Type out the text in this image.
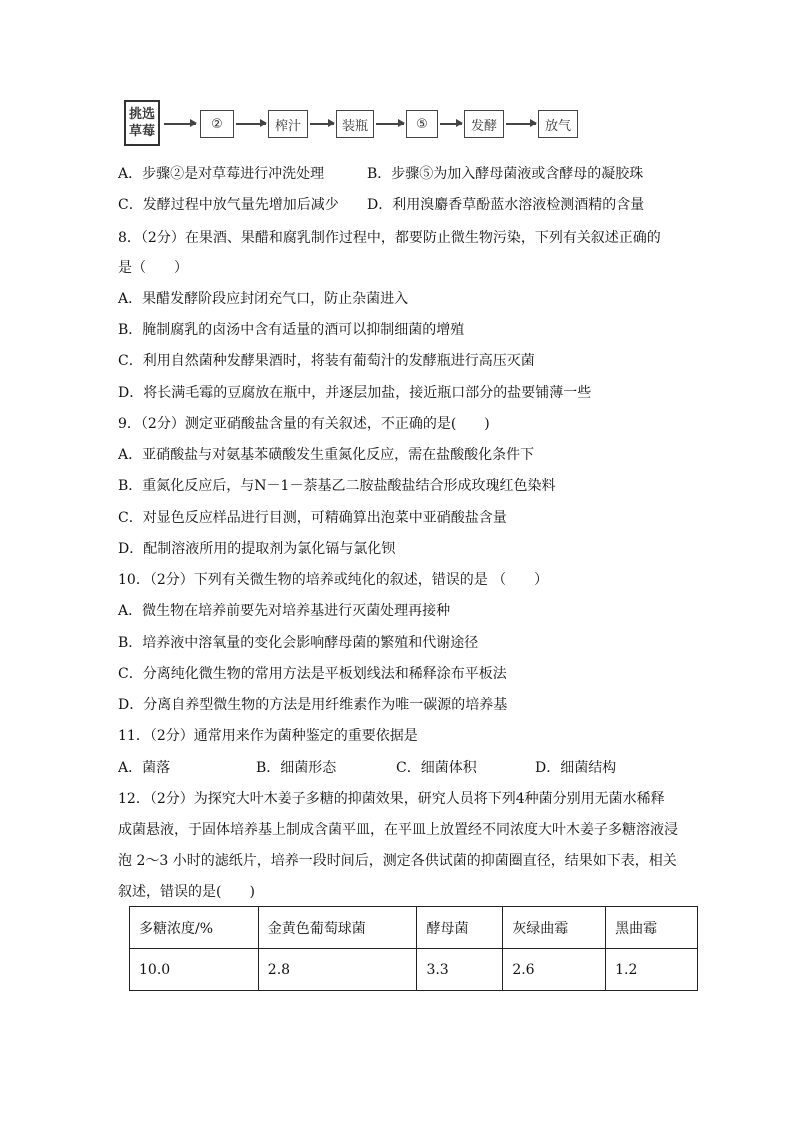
挑选
草莓	②	榨汁	装瓶	⑤	发酵	放气
A．步骤②是对草莓进行冲洗处理	B．步骤⑤为加入酵母菌液或含酵母的凝胶珠
C．发酵过程中放气量先增加后减少 D．利用溴麝香草酚蓝水溶液检测酒精的含量
8．（2分）在果酒、果醋和腐乳制作过程中，都要防止微生物污染，下列有关叙述正确的
是（　　）
A．果醋发酵阶段应封闭充气口，防止杂菌进入
B．腌制腐乳的卤汤中含有适量的酒可以抑制细菌的增殖
C．利用自然菌种发酵果酒时，将装有葡萄汁的发酵瓶进行高压灭菌
D．将长满毛霉的豆腐放在瓶中，并逐层加盐，接近瓶口部分的盐要铺薄一些
9．（2分）测定亚硝酸盐含量的有关叙述，不正确的是(　　)
A．亚硝酸盐与对氨基苯磺酸发生重氮化反应，需在盐酸酸化条件下
B．重氮化反应后，与N－1－萘基乙二胺盐酸盐结合形成玫瑰红色染料
C．对显色反应样品进行目测，可精确算出泡菜中亚硝酸盐含量
D．配制溶液所用的提取剂为氯化镉与氯化钡
10．（2分）下列有关微生物的培养或纯化的叙述，错误的是 （　　）
A．微生物在培养前要先对培养基进行灭菌处理再接种
B．培养液中溶氧量的变化会影响酵母菌的繁殖和代谢途径
C．分离纯化微生物的常用方法是平板划线法和稀释涂布平板法
D．分离自养型微生物的方法是用纤维素作为唯一碳源的培养基
11．（2分）通常用来作为菌种鉴定的重要依据是
A．菌落	B．细菌形态	C．细菌体积	D．细菌结构
12．（2分）为探究大叶木姜子多糖的抑菌效果，研究人员将下列4种菌分别用无菌水稀释
成菌悬液，于固体培养基上制成含菌平皿，在平皿上放置经不同浓度大叶木姜子多糖溶液浸
泡 2～3 小时的滤纸片，培养一段时间后，测定各供试菌的抑菌圈直径，结果如下表，相关
叙述，错误的是(　　)
多糖浓度/%	金黄色葡萄球菌	酵母菌	灰绿曲霉	黑曲霉
10.0	2.8	3.3	2.6	1.2
